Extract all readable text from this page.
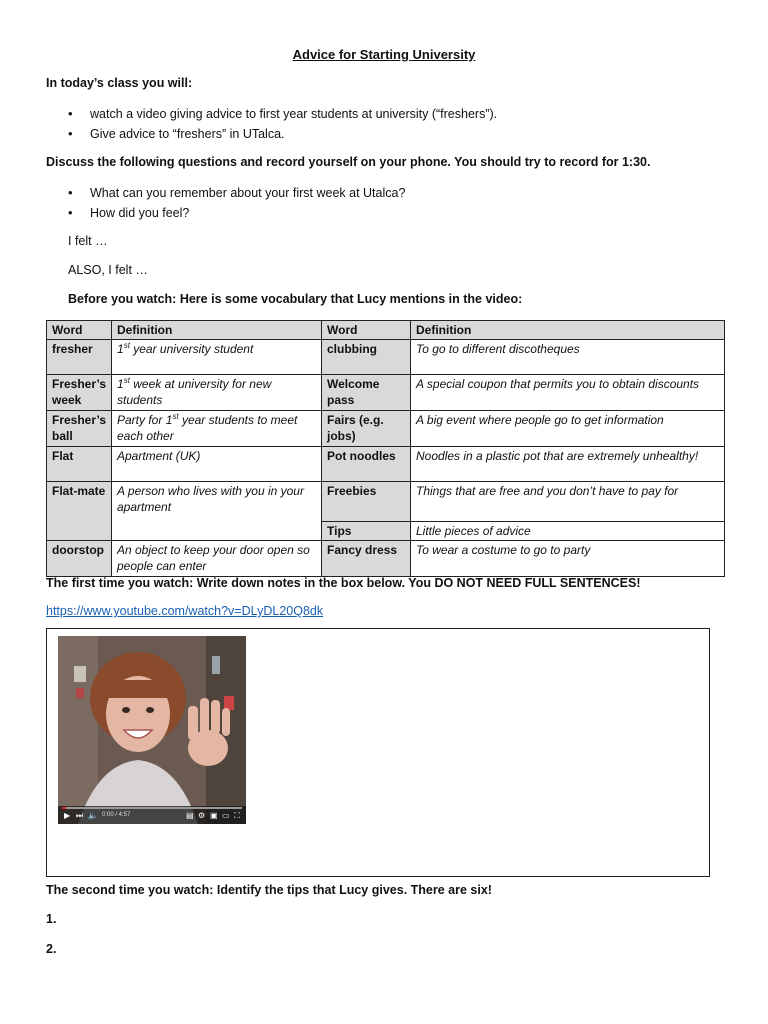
Advice for Starting University
In today’s class you will:
• watch a video giving advice to first year students at university (“freshers”).
• Give advice to “freshers” in UTalca.
Discuss the following questions and record yourself on your phone. You should try to record for 1:30.
• What can you remember about your first week at Utalca?
• How did you feel?
I felt …
ALSO, I felt …
Before you watch: Here is some vocabulary that Lucy mentions in the video:
Word	Definition	Word	Definition
fresher	1st year university student	clubbing	To go to different discotheques
Fresher’s week	1st week at university for new students	Welcome pass	A special coupon that permits you to obtain discounts
Fresher’s ball	Party for 1st year students to meet each other	Fairs (e.g. jobs)	A big event where people go to get information
Flat	Apartment (UK)	Pot noodles	Noodles in a plastic pot that are extremely unhealthy!
Flat-mate	A person who lives with you in your apartment	Freebies	Things that are free and you don’t have to pay for
		Tips	Little pieces of advice
doorstop	An object to keep your door open so people can enter	Fancy dress	To wear a costume to go to party
The first time you watch: Write down notes in the box below. You DO NOT NEED FULL SENTENCES!
https://www.youtube.com/watch?v=DLyDL20Q8dk
▶ ⏭ 🔈 0:00 / 4:57	▤ ⚙ ▣ ▭ ⛶
The second time you watch: Identify the tips that Lucy gives. There are six!
1.
2.
